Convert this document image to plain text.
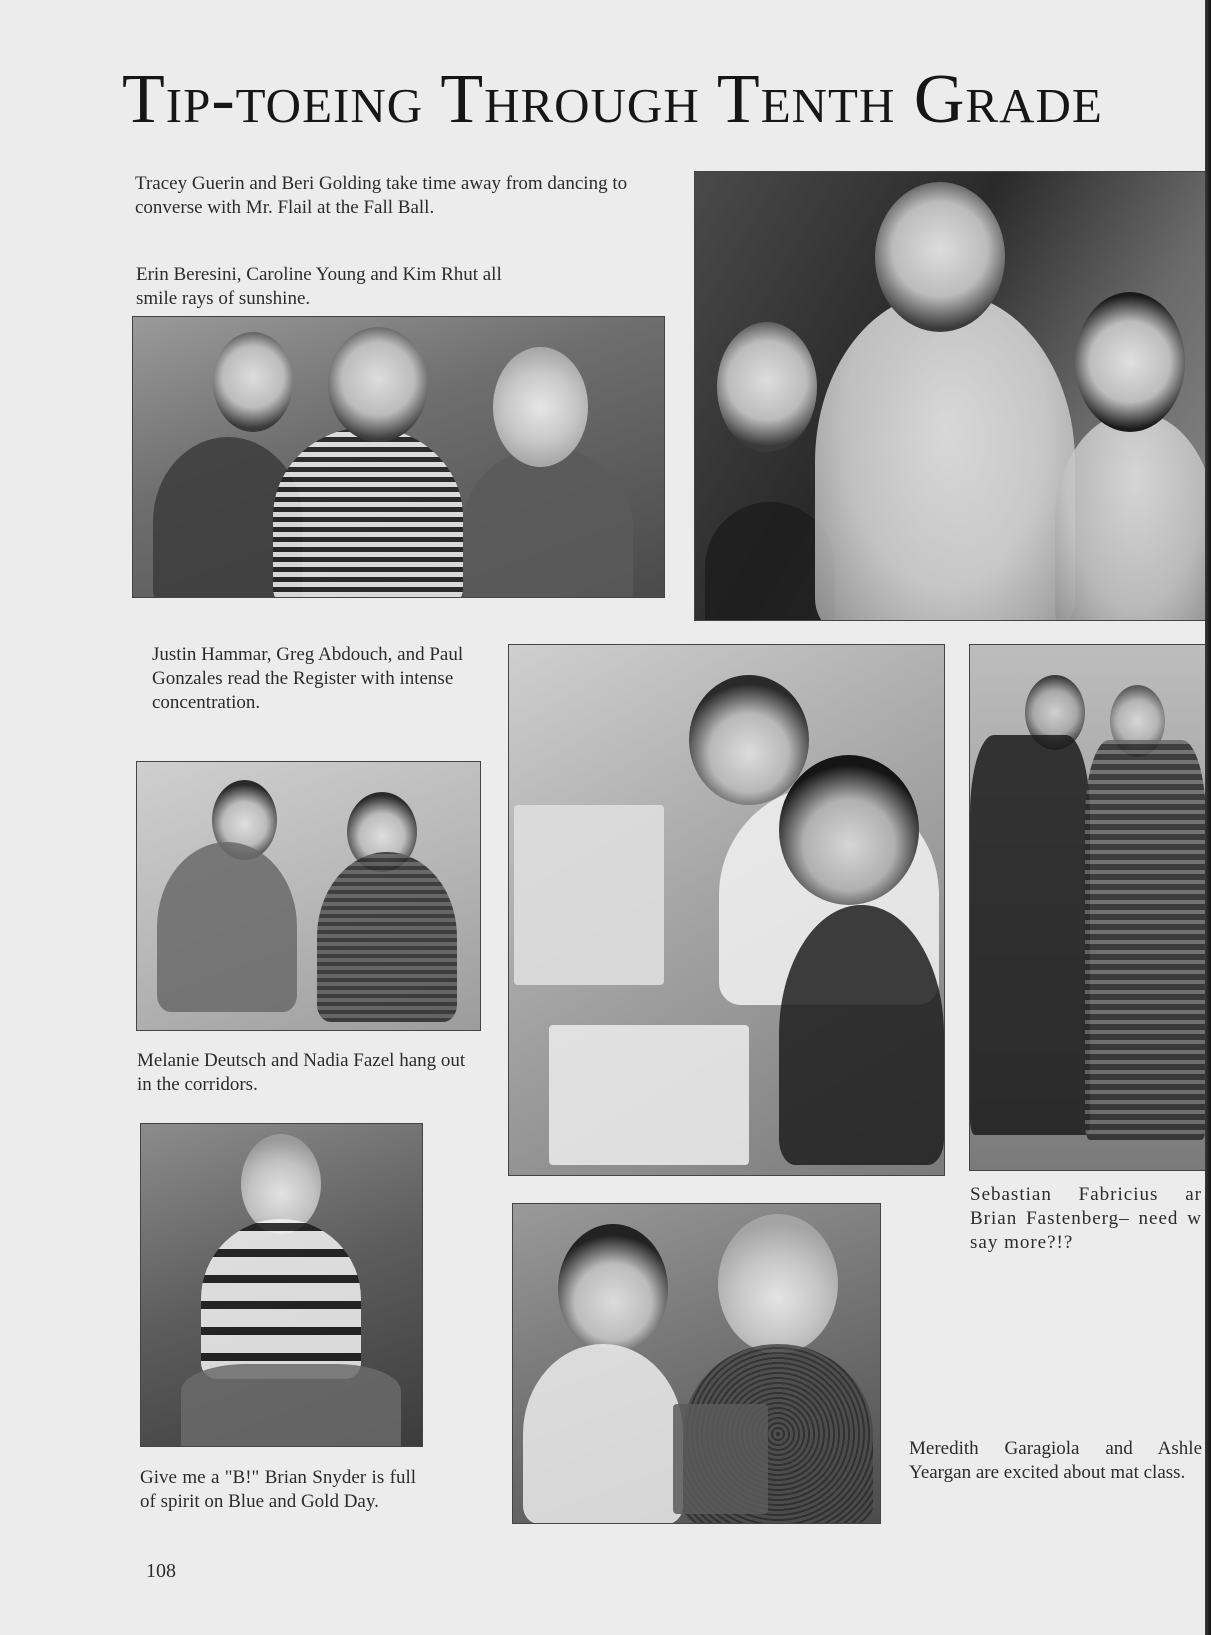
Tip-toeing Through Tenth Grade
Tracey Guerin and Beri Golding take time away from dancing to converse with Mr. Flail at the Fall Ball.
Erin Beresini, Caroline Young and Kim Rhut all smile rays of sunshine.
Justin Hammar, Greg Abdouch, and Paul Gonzales read the Register with intense concentration.
Melanie Deutsch and Nadia Fazel hang out in the corridors.
Give me a "B!" Brian Snyder is full of spirit on Blue and Gold Day.
Sebastian Fabricius ar Brian Fastenberg– need w say more?!?
Meredith Garagiola and Ashle Yeargan are excited about mat class.
108
